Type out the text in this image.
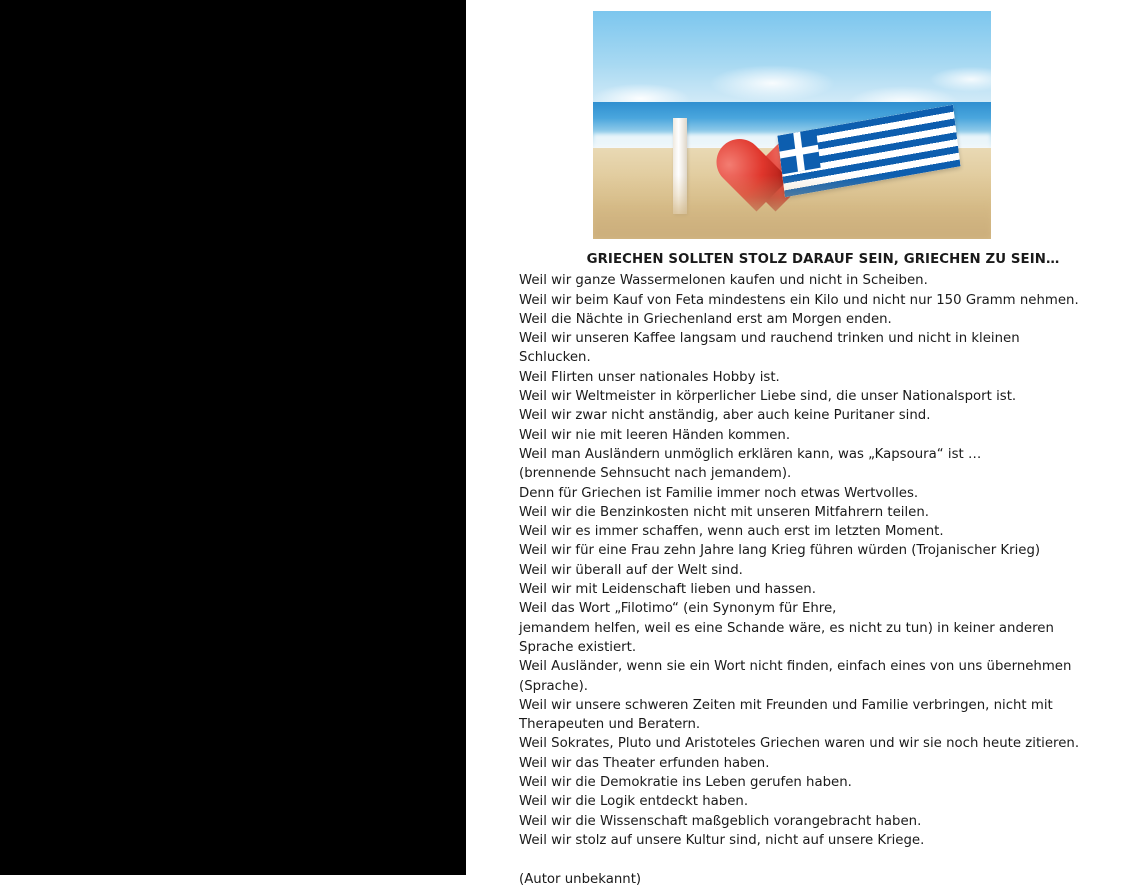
GRIECHEN SOLLTEN STOLZ DARAUF SEIN, GRIECHEN ZU SEIN…
Weil wir ganze Wassermelonen kaufen und nicht in Scheiben.
Weil wir beim Kauf von Feta mindestens ein Kilo und nicht nur 150 Gramm nehmen.
Weil die Nächte in Griechenland erst am Morgen enden.
Weil wir unseren Kaffee langsam und rauchend trinken und nicht in kleinen
Schlucken.
Weil Flirten unser nationales Hobby ist.
Weil wir Weltmeister in körperlicher Liebe sind, die unser Nationalsport ist.
Weil wir zwar nicht anständig, aber auch keine Puritaner sind.
Weil wir nie mit leeren Händen kommen.
Weil man Ausländern unmöglich erklären kann, was „Kapsoura“ ist …
(brennende Sehnsucht nach jemandem).
Denn für Griechen ist Familie immer noch etwas Wertvolles.
Weil wir die Benzinkosten nicht mit unseren Mitfahrern teilen.
Weil wir es immer schaffen, wenn auch erst im letzten Moment.
Weil wir für eine Frau zehn Jahre lang Krieg führen würden (Trojanischer Krieg)
Weil wir überall auf der Welt sind.
Weil wir mit Leidenschaft lieben und hassen.
Weil das Wort „Filotimo“ (ein Synonym für Ehre,
jemandem helfen, weil es eine Schande wäre, es nicht zu tun) in keiner anderen
Sprache existiert.
Weil Ausländer, wenn sie ein Wort nicht finden, einfach eines von uns übernehmen
(Sprache).
Weil wir unsere schweren Zeiten mit Freunden und Familie verbringen, nicht mit
Therapeuten und Beratern.
Weil Sokrates, Pluto und Aristoteles Griechen waren und wir sie noch heute zitieren.
Weil wir das Theater erfunden haben.
Weil wir die Demokratie ins Leben gerufen haben.
Weil wir die Logik entdeckt haben.
Weil wir die Wissenschaft maßgeblich vorangebracht haben.
Weil wir stolz auf unsere Kultur sind, nicht auf unsere Kriege.
(Autor unbekannt)
